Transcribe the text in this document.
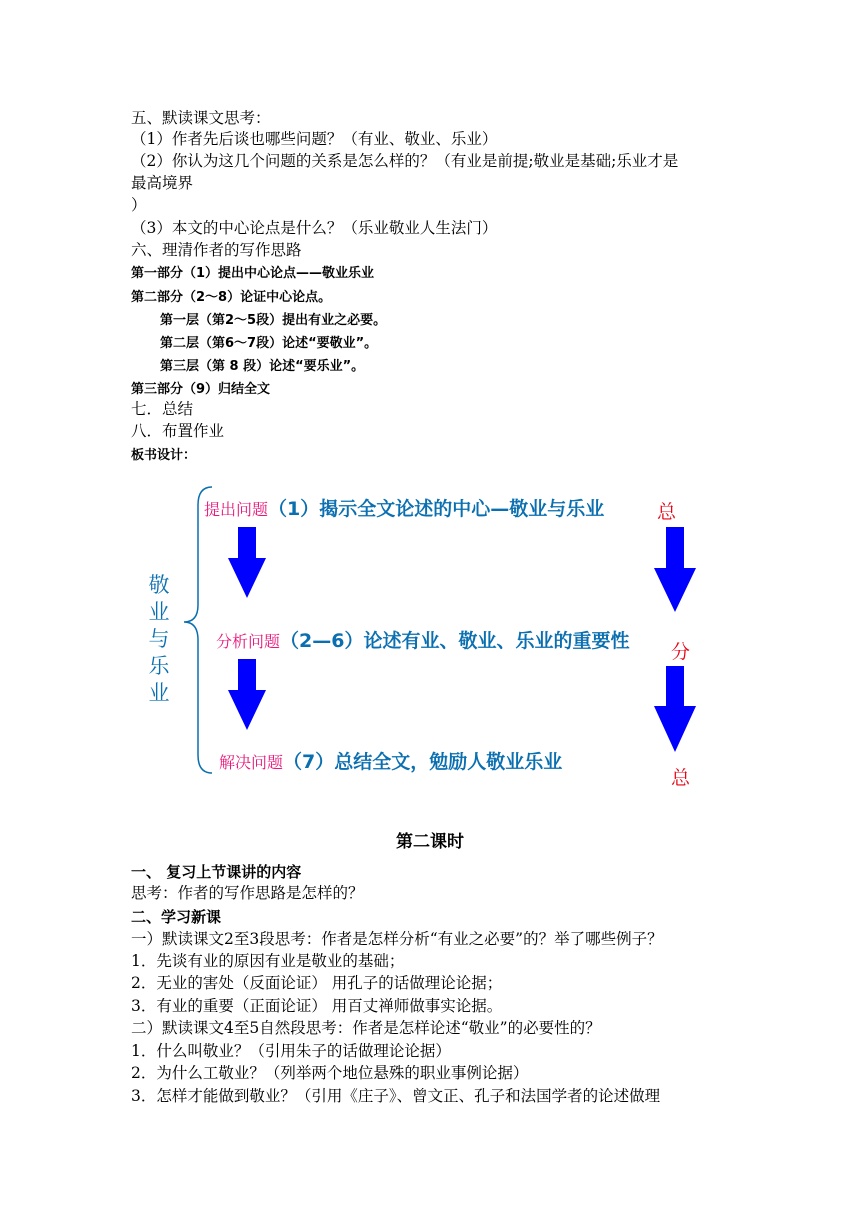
五、默读课文思考：
（1）作者先后谈也哪些问题？（有业、敬业、乐业）
（2）你认为这几个问题的关系是怎么样的？（有业是前提;敬业是基础;乐业才是
最高境界
）
（3）本文的中心论点是什么？（乐业敬业人生法门）
六、理清作者的写作思路
第一部分（1）提出中心论点——敬业乐业
第二部分（2～8）论证中心论点。
第一层（第2～5段）提出有业之必要。
第二层（第6～7段）论述“要敬业”。
第三层（第 8 段）论述“要乐业”。
第三部分（9）归结全文
七．总结
八．布置作业
板书设计：
敬业与乐业
提出问题（1）揭示全文论述的中心—敬业与乐业
分析问题（2—6）论述有业、敬业、乐业的重要性
解决问题（7）总结全文，勉励人敬业乐业
总
分
总
第二课时
一、 复习上节课讲的内容
思考：作者的写作思路是怎样的？
二、学习新课
一）默读课文2至3段思考：作者是怎样分析“有业之必要”的？举了哪些例子？
1．先谈有业的原因有业是敬业的基础；
2．无业的害处（反面论证） 用孔子的话做理论论据；
3．有业的重要（正面论证） 用百丈禅师做事实论据。
二）默读课文4至5自然段思考：作者是怎样论述“敬业”的必要性的？
1．什么叫敬业？（引用朱子的话做理论论据）
2．为什么工敬业？（列举两个地位悬殊的职业事例论据）
3．怎样才能做到敬业？（引用《庄子》、曾文正、孔子和法国学者的论述做理
